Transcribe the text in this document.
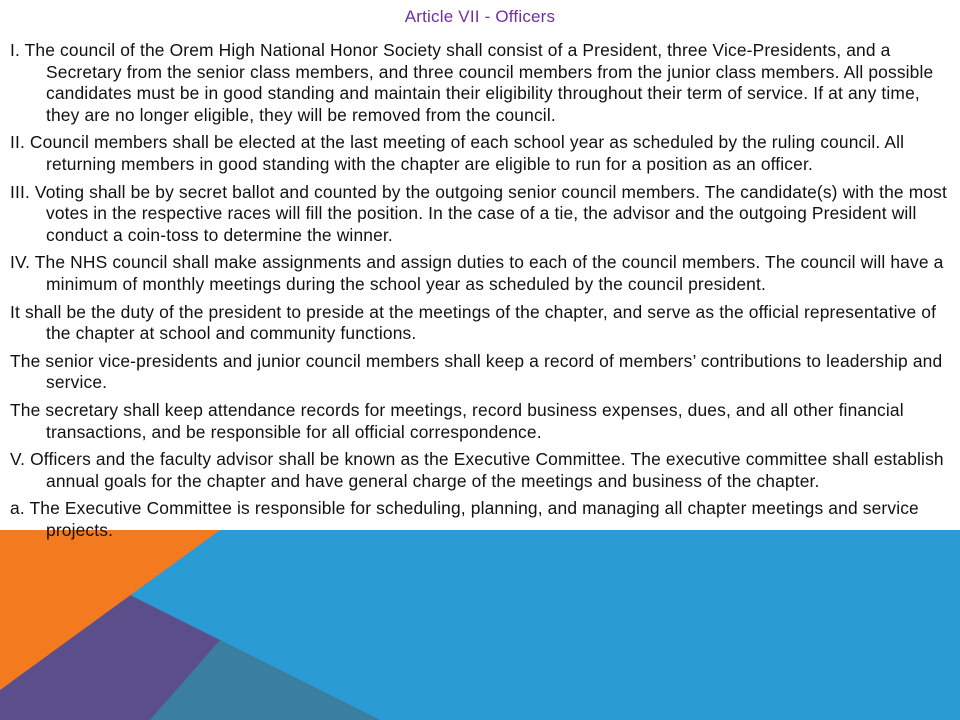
Article VII - Officers

I. The council of the Orem High National Honor Society shall consist of a President, three Vice-Presidents, and a Secretary from the senior class members, and three council members from the junior class members. All possible candidates must be in good standing and maintain their eligibility throughout their term of service. If at any time, they are no longer eligible, they will be removed from the council.

II. Council members shall be elected at the last meeting of each school year as scheduled by the ruling council. All returning members in good standing with the chapter are eligible to run for a position as an officer.

III. Voting shall be by secret ballot and counted by the outgoing senior council members. The candidate(s) with the most votes in the respective races will fill the position. In the case of a tie, the advisor and the outgoing President will conduct a coin-toss to determine the winner.

IV. The NHS council shall make assignments and assign duties to each of the council members. The council will have a minimum of monthly meetings during the school year as scheduled by the council president.

It shall be the duty of the president to preside at the meetings of the chapter, and serve as the official representative of the chapter at school and community functions.

The senior vice-presidents and junior council members shall keep a record of members’ contributions to leadership and service.

The secretary shall keep attendance records for meetings, record business expenses, dues, and all other financial transactions, and be responsible for all official correspondence.

V. Officers and the faculty advisor shall be known as the Executive Committee. The executive committee shall establish annual goals for the chapter and have general charge of the meetings and business of the chapter.

a. The Executive Committee is responsible for scheduling, planning, and managing all chapter meetings and service projects.
